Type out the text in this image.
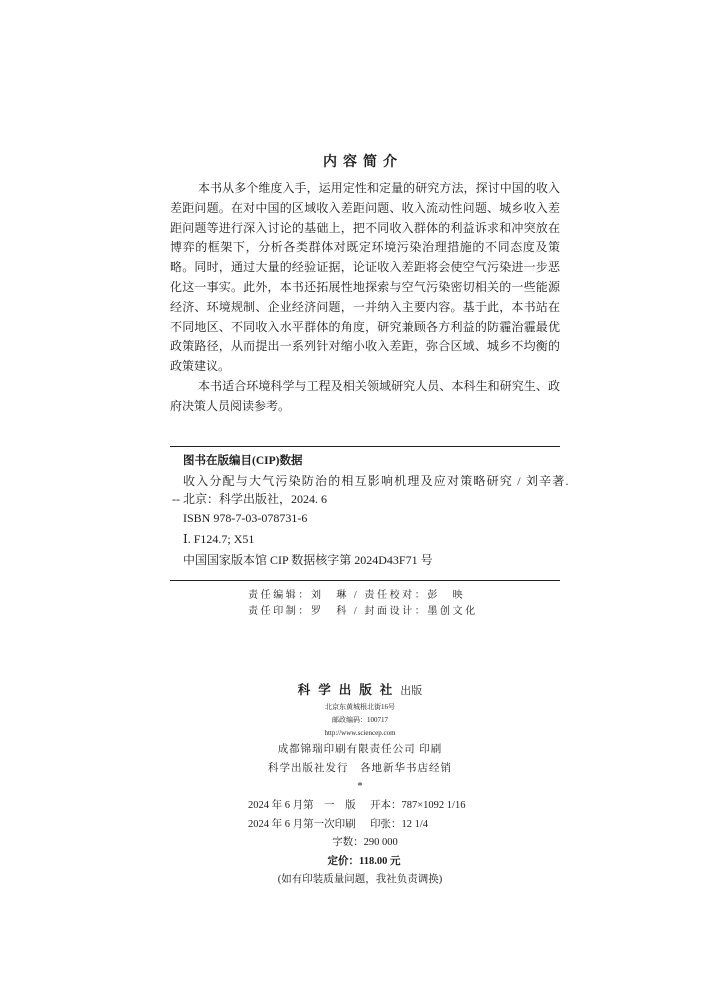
内容简介
本书从多个维度入手，运用定性和定量的研究方法，探讨中国的收入
差距问题。在对中国的区域收入差距问题、收入流动性问题、城乡收入差
距问题等进行深入讨论的基础上，把不同收入群体的利益诉求和冲突放在
博弈的框架下，分析各类群体对既定环境污染治理措施的不同态度及策
略。同时，通过大量的经验证据，论证收入差距将会使空气污染进一步恶
化这一事实。此外，本书还拓展性地探索与空气污染密切相关的一些能源
经济、环境规制、企业经济问题，一并纳入主要内容。基于此，本书站在
不同地区、不同收入水平群体的角度，研究兼顾各方利益的防霾治霾最优
政策路径，从而提出一系列针对缩小收入差距，弥合区域、城乡不均衡的
政策建议。
本书适合环境科学与工程及相关领域研究人员、本科生和研究生、政
府决策人员阅读参考。
图书在版编目(CIP)数据
收入分配与大气污染防治的相互影响机理及应对策略研究 / 刘辛著.
-- 北京：科学出版社，2024. 6
ISBN 978-7-03-078731-6
Ⅰ. F124.7; X51
中国国家版本馆 CIP 数据核字第 2024D43F71 号
责任编辑：刘　琳 / 责任校对：彭　映
责任印制：罗　科 / 封面设计：墨创文化
科学出版社出版
北京东黄城根北街16号
邮政编码：100717
http://www.sciencep.com
成都锦瑞印刷有限责任公司 印刷
科学出版社发行　各地新华书店经销
*
2024 年 6 月第　一　版 开本：787×1092 1/16
2024 年 6 月第一次印刷 印张：12 1/4
字数：290 000
定价：118.00 元
(如有印装质量问题，我社负责调换)
